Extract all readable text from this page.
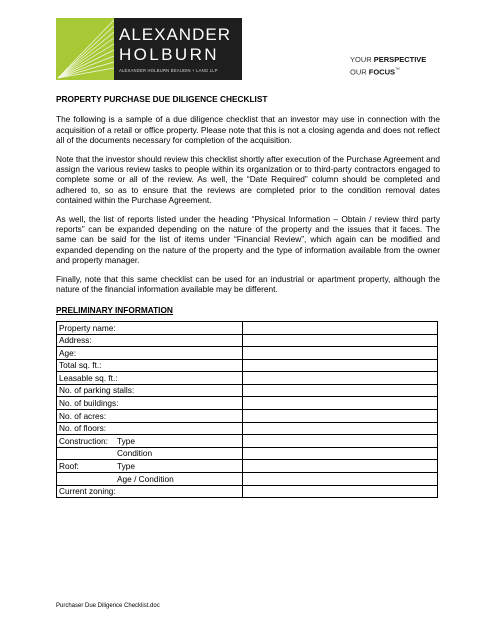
ALEXANDER
HOLBURN
ALEXANDER HOLBURN BEAUDIN + LANG LLP
YOUR PERSPECTIVE
OUR FOCUS™
PROPERTY PURCHASE DUE DILIGENCE CHECKLIST

The following is a sample of a due diligence checklist that an investor may use in connection with the acquisition of a retail or office property. Please note that this is not a closing agenda and does not reflect all of the documents necessary for completion of the acquisition.

Note that the investor should review this checklist shortly after execution of the Purchase Agreement and assign the various review tasks to people within its organization or to third-party contractors engaged to complete some or all of the review. As well, the “Date Required” column should be completed and adhered to, so as to ensure that the reviews are completed prior to the condition removal dates contained within the Purchase Agreement.

As well, the list of reports listed under the heading “Physical Information – Obtain / review third party reports” can be expanded depending on the nature of the property and the issues that it faces. The same can be said for the list of items under “Financial Review”, which again can be modified and expanded depending on the nature of the property and the type of information available from the owner and property manager.

Finally, note that this same checklist can be used for an industrial or apartment property, although the nature of the financial information available may be different.

PRELIMINARY INFORMATION
Property name:	
Address:	
Age:	
Total sq. ft.:	
Leasable sq. ft.:	
No. of parking stalls:	
No. of buildings:	
No. of acres:	
No. of floors:	

Construction: Type	

Condition	

Roof: Type	

Age / Condition	

Current zoning:	
Purchaser Due Diligence Checklist.doc
